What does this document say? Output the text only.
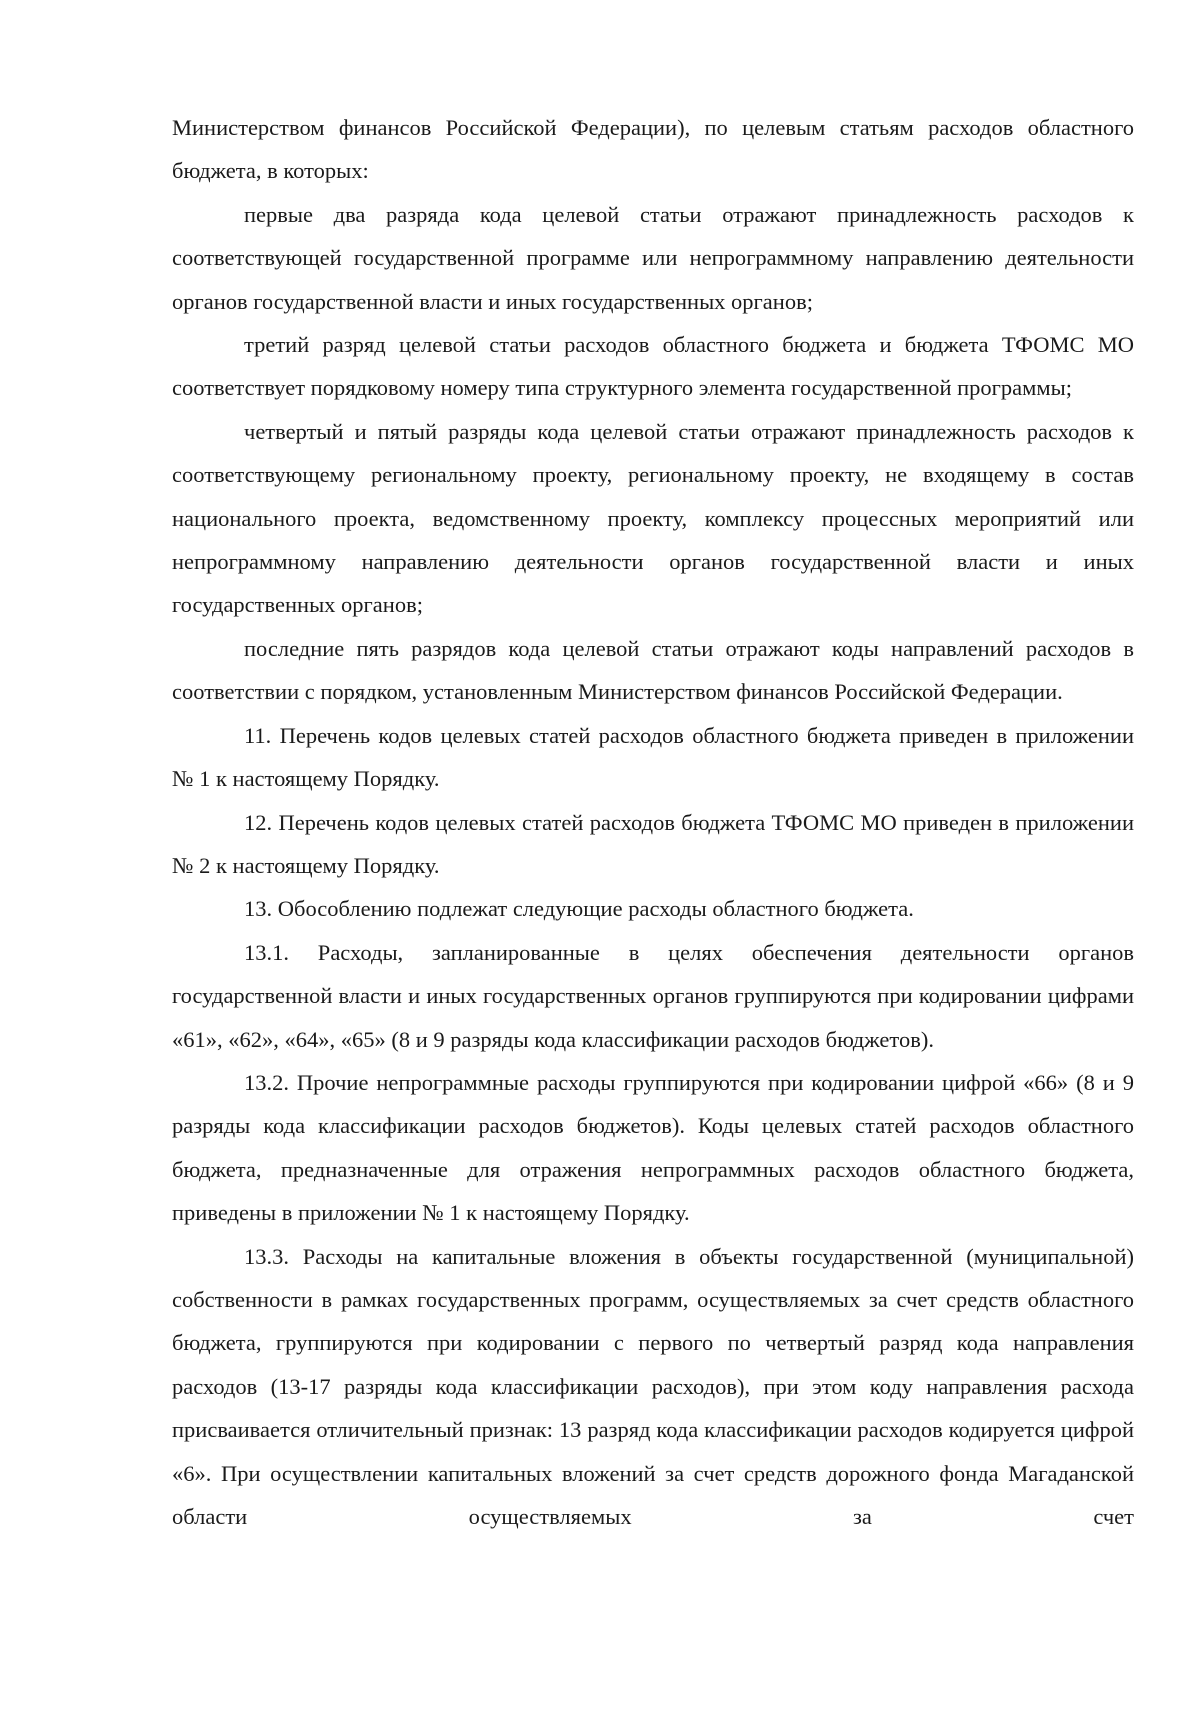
Министерством финансов Российской Федерации), по целевым статьям расходов областного бюджета, в которых:

первые два разряда кода целевой статьи отражают принадлежность расходов к соответствующей государственной программе или непрограммному направлению деятельности органов государственной власти и иных государственных органов;

третий разряд целевой статьи расходов областного бюджета и бюджета ТФОМС МО соответствует порядковому номеру типа структурного элемента государственной программы;

четвертый и пятый разряды кода целевой статьи отражают принадлежность расходов к соответствующему региональному проекту, региональному проекту, не входящему в состав национального проекта, ведомственному проекту, комплексу процессных мероприятий или непрограммному направлению деятельности органов государственной власти и иных государственных органов;

последние пять разрядов кода целевой статьи отражают коды направлений расходов в соответствии с порядком, установленным Министерством финансов Российской Федерации.

11. Перечень кодов целевых статей расходов областного бюджета приведен в приложении № 1 к настоящему Порядку.

12. Перечень кодов целевых статей расходов бюджета ТФОМС МО приведен в приложении № 2 к настоящему Порядку.

13. Обособлению подлежат следующие расходы областного бюджета.

13.1. Расходы, запланированные в целях обеспечения деятельности органов государственной власти и иных государственных органов группируются при кодировании цифрами «61», «62», «64», «65» (8 и 9 разряды кода классификации расходов бюджетов).

13.2. Прочие непрограммные расходы группируются при кодировании цифрой «66» (8 и 9 разряды кода классификации расходов бюджетов). Коды целевых статей расходов областного бюджета, предназначенные для отражения непрограммных расходов областного бюджета, приведены в приложении № 1 к настоящему Порядку.

13.3. Расходы на капитальные вложения в объекты государственной (муниципальной) собственности в рамках государственных программ, осуществляемых за счет средств областного бюджета, группируются при кодировании с первого по четвертый разряд кода направления расходов (13-17 разряды кода классификации расходов), при этом коду направления расхода присваивается отличительный признак: 13 разряд кода классификации расходов кодируется цифрой «6». При осуществлении капитальных вложений за счет средств дорожного фонда Магаданской области осуществляемых за счет
